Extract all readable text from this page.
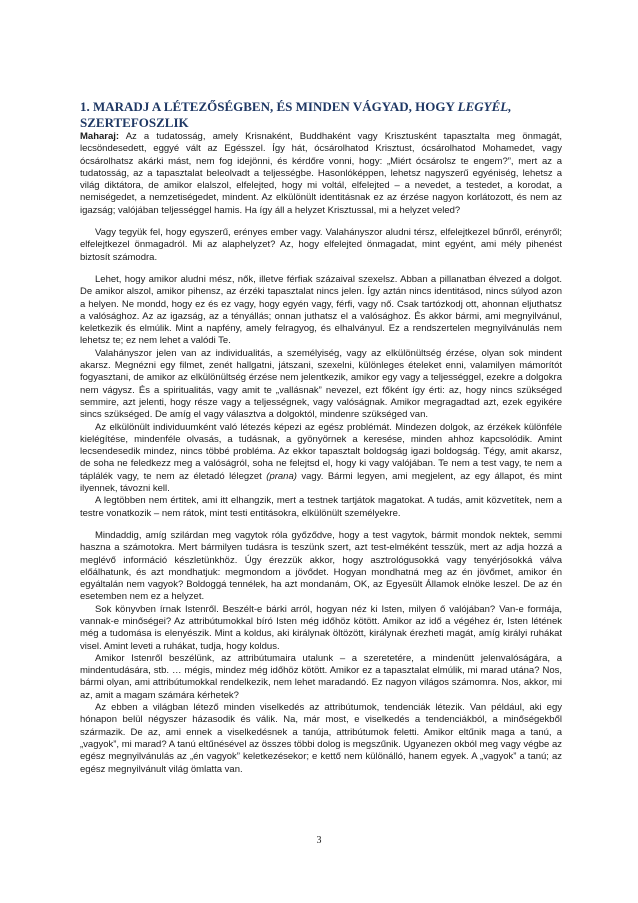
1. MARADJ A LÉTEZŐSÉGBEN, ÉS MINDEN VÁGYAD, HOGY LEGYÉL,
SZERTEFOSZLIK

Maharaj: Az a tudatosság, amely Krisnaként, Buddhaként vagy Krisztusként tapasztalta meg önmagát, lecsöndesedett, eggyé vált az Egésszel. Így hát, ócsárolhatod Krisztust, ócsárolhatod Mohamedet, vagy ócsárolhatsz akárki mást, nem fog idejönni, és kérdőre vonni, hogy: „Miért ócsárolsz te engem?”, mert az a tudatosság, az a tapasztalat beleolvadt a teljességbe. Hasonlóképpen, lehetsz nagyszerű egyéniség, lehetsz a világ diktátora, de amikor elalszol, elfelejted, hogy mi voltál, elfelejted – a nevedet, a testedet, a korodat, a nemiségedet, a nemzetiségedet, mindent. Az elkülönült identitásnak ez az érzése nagyon korlátozott, és nem az igazság; valójában teljességgel hamis. Ha így áll a helyzet Krisztussal, mi a helyzet veled?

Vagy tegyük fel, hogy egyszerű, erényes ember vagy. Valahányszor aludni térsz, elfelejtkezel bűnről, erényről; elfelejtkezel önmagadról. Mi az alaphelyzet? Az, hogy elfelejted önmagadat, mint egyént, ami mély pihenést biztosít számodra.

Lehet, hogy amikor aludni mész, nők, illetve férfiak százaival szexelsz. Abban a pillanatban élvezed a dolgot. De amikor alszol, amikor pihensz, az érzéki tapasztalat nincs jelen. Így aztán nincs identitásod, nincs súlyod azon a helyen. Ne mondd, hogy ez és ez vagy, hogy egyén vagy, férfi, vagy nő. Csak tartózkodj ott, ahonnan eljuthatsz a valósághoz. Az az igazság, az a tényállás; onnan juthatsz el a valósághoz. És akkor bármi, ami megnyilvánul, keletkezik és elmúlik. Mint a napfény, amely felragyog, és elhalványul. Ez a rendszertelen megnyilvánulás nem lehetsz te; ez nem lehet a valódi Te.

Valahányszor jelen van az individualitás, a személyiség, vagy az elkülönültség érzése, olyan sok mindent akarsz. Megnézni egy filmet, zenét hallgatni, játszani, szexelni, különleges ételeket enni, valamilyen mámorítót fogyasztani, de amikor az elkülönültség érzése nem jelentkezik, amikor egy vagy a teljességgel, ezekre a dolgokra nem vágysz. És a spiritualitás, vagy amit te „vallásnak” nevezel, ezt főként így érti: az, hogy nincs szükséged semmire, azt jelenti, hogy része vagy a teljességnek, vagy valóságnak. Amikor megragadtad azt, ezek egyikére sincs szükséged. De amíg el vagy választva a dolgoktól, mindenre szükséged van.

Az elkülönült individuumként való létezés képezi az egész problémát. Mindezen dolgok, az érzékek különféle kielégítése, mindenféle olvasás, a tudásnak, a gyönyörnek a keresése, minden ahhoz kapcsolódik. Amint lecsendesedik mindez, nincs többé probléma. Az ekkor tapasztalt boldogság igazi boldogság. Tégy, amit akarsz, de soha ne feledkezz meg a valóságról, soha ne felejtsd el, hogy ki vagy valójában. Te nem a test vagy, te nem a táplálék vagy, te nem az életadó lélegzet (prana) vagy. Bármi legyen, ami megjelent, az egy állapot, és mint ilyennek, távozni kell.

A legtöbben nem értitek, ami itt elhangzik, mert a testnek tartjátok magatokat. A tudás, amit közvetítek, nem a testre vonatkozik – nem rátok, mint testi entitásokra, elkülönült személyekre.

Mindaddig, amíg szilárdan meg vagytok róla győződve, hogy a test vagytok, bármit mondok nektek, semmi haszna a számotokra. Mert bármilyen tudásra is teszünk szert, azt test-elméként tesszük, mert az adja hozzá a meglévő információ készletünkhöz. Úgy érezzük akkor, hogy asztrológusokká vagy tenyérjósokká válva előálhatunk, és azt mondhatjuk: megmondom a jövődet. Hogyan mondhatná meg az én jövőmet, amikor én egyáltalán nem vagyok? Boldoggá tennélek, ha azt mondanám, OK, az Egyesült Államok elnöke leszel. De az én esetemben nem ez a helyzet.

Sok könyvben írnak Istenről. Beszélt-e bárki arról, hogyan néz ki Isten, milyen ő valójában? Van-e formája, vannak-e minőségei? Az attribútumokkal bíró Isten még időhöz kötött. Amikor az idő a végéhez ér, Isten létének még a tudomása is elenyészik. Mint a koldus, aki királynak öltözött, királynak érezheti magát, amíg királyi ruhákat visel. Amint leveti a ruhákat, tudja, hogy koldus.

Amikor Istenről beszélünk, az attribútumaira utalunk – a szeretetére, a mindenütt jelenvalóságára, a mindentudására, stb. … mégis, mindez még időhöz kötött. Amikor ez a tapasztalat elmúlik, mi marad utána? Nos, bármi olyan, ami attribútumokkal rendelkezik, nem lehet maradandó. Ez nagyon világos számomra. Nos, akkor, mi az, amit a magam számára kérhetek?

Az ebben a világban létező minden viselkedés az attribútumok, tendenciák létezik. Van például, aki egy hónapon belül négyszer házasodik és válik. Na, már most, e viselkedés a tendenciákból, a minőségekből származik. De az, ami ennek a viselkedésnek a tanúja, attribútumok feletti. Amikor eltűnik maga a tanú, a „vagyok”, mi marad? A tanú eltűnésével az összes többi dolog is megszűnik. Ugyanezen okból meg vagy végbe az egész megnyilvánulás az „én vagyok” keletkezésekor; e kettő nem különálló, hanem egyek. A „vagyok” a tanú; az egész megnyilvánult világ ömlatta van.

3
